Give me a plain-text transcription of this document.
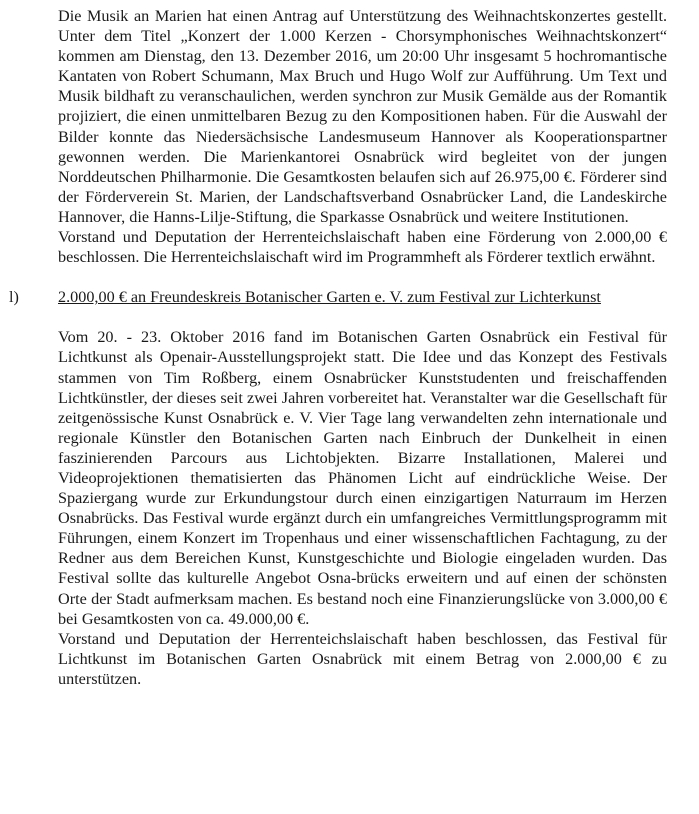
Die Musik an Marien hat einen Antrag auf Unterstützung des Weihnachtskonzertes gestellt. Unter dem Titel „Konzert der 1.000 Kerzen - Chorsymphonisches Weihnachtskonzert“ kommen am Dienstag, den 13. Dezember 2016, um 20:00 Uhr insgesamt 5 hochromantische Kantaten von Robert Schumann, Max Bruch und Hugo Wolf zur Aufführung. Um Text und Musik bildhaft zu veranschaulichen, werden synchron zur Musik Gemälde aus der Romantik projiziert, die einen unmittelbaren Bezug zu den Kompositionen haben. Für die Auswahl der Bilder konnte das Niedersächsische Landesmuseum Hannover als Kooperationspartner gewonnen werden. Die Marienkantorei Osnabrück wird begleitet von der jungen Norddeutschen Philharmonie. Die Gesamtkosten belaufen sich auf 26.975,00 €. Förderer sind der Förderverein St. Marien, der Landschaftsverband Osnabrücker Land, die Landeskirche Hannover, die Hanns-Lilje-Stiftung, die Sparkasse Osnabrück und weitere Institutionen.

Vorstand und Deputation der Herrenteichslaischaft haben eine Förderung von 2.000,00 € beschlossen. Die Herrenteichslaischaft wird im Programmheft als Förderer textlich erwähnt.

l) 2.000,00 € an Freundeskreis Botanischer Garten e. V. zum Festival zur Lichterkunst

Vom 20. - 23. Oktober 2016 fand im Botanischen Garten Osnabrück ein Festival für Lichtkunst als Openair-Ausstellungsprojekt statt. Die Idee und das Konzept des Festivals stammen von Tim Roßberg, einem Osnabrücker Kunststudenten und freischaffenden Lichtkünstler, der dieses seit zwei Jahren vorbereitet hat. Veranstalter war die Gesellschaft für zeitgenössische Kunst Osnabrück e. V. Vier Tage lang verwandelten zehn internationale und regionale Künstler den Botanischen Garten nach Einbruch der Dunkelheit in einen faszinierenden Parcours aus Lichtobjekten. Bizarre Installationen, Malerei und Videoprojektionen thematisierten das Phänomen Licht auf eindrückliche Weise. Der Spaziergang wurde zur Erkundungstour durch einen einzigartigen Naturraum im Herzen Osnabrücks. Das Festival wurde ergänzt durch ein umfangreiches Vermittlungsprogramm mit Führungen, einem Konzert im Tropenhaus und einer wissenschaftlichen Fachtagung, zu der Redner aus dem Bereichen Kunst, Kunstgeschichte und Biologie eingeladen wurden. Das Festival sollte das kulturelle Angebot Osna-brücks erweitern und auf einen der schönsten Orte der Stadt aufmerksam machen. Es bestand noch eine Finanzierungslücke von 3.000,00 € bei Gesamtkosten von ca. 49.000,00 €.

Vorstand und Deputation der Herrenteichslaischaft haben beschlossen, das Festival für Lichtkunst im Botanischen Garten Osnabrück mit einem Betrag von 2.000,00 € zu unterstützen.
